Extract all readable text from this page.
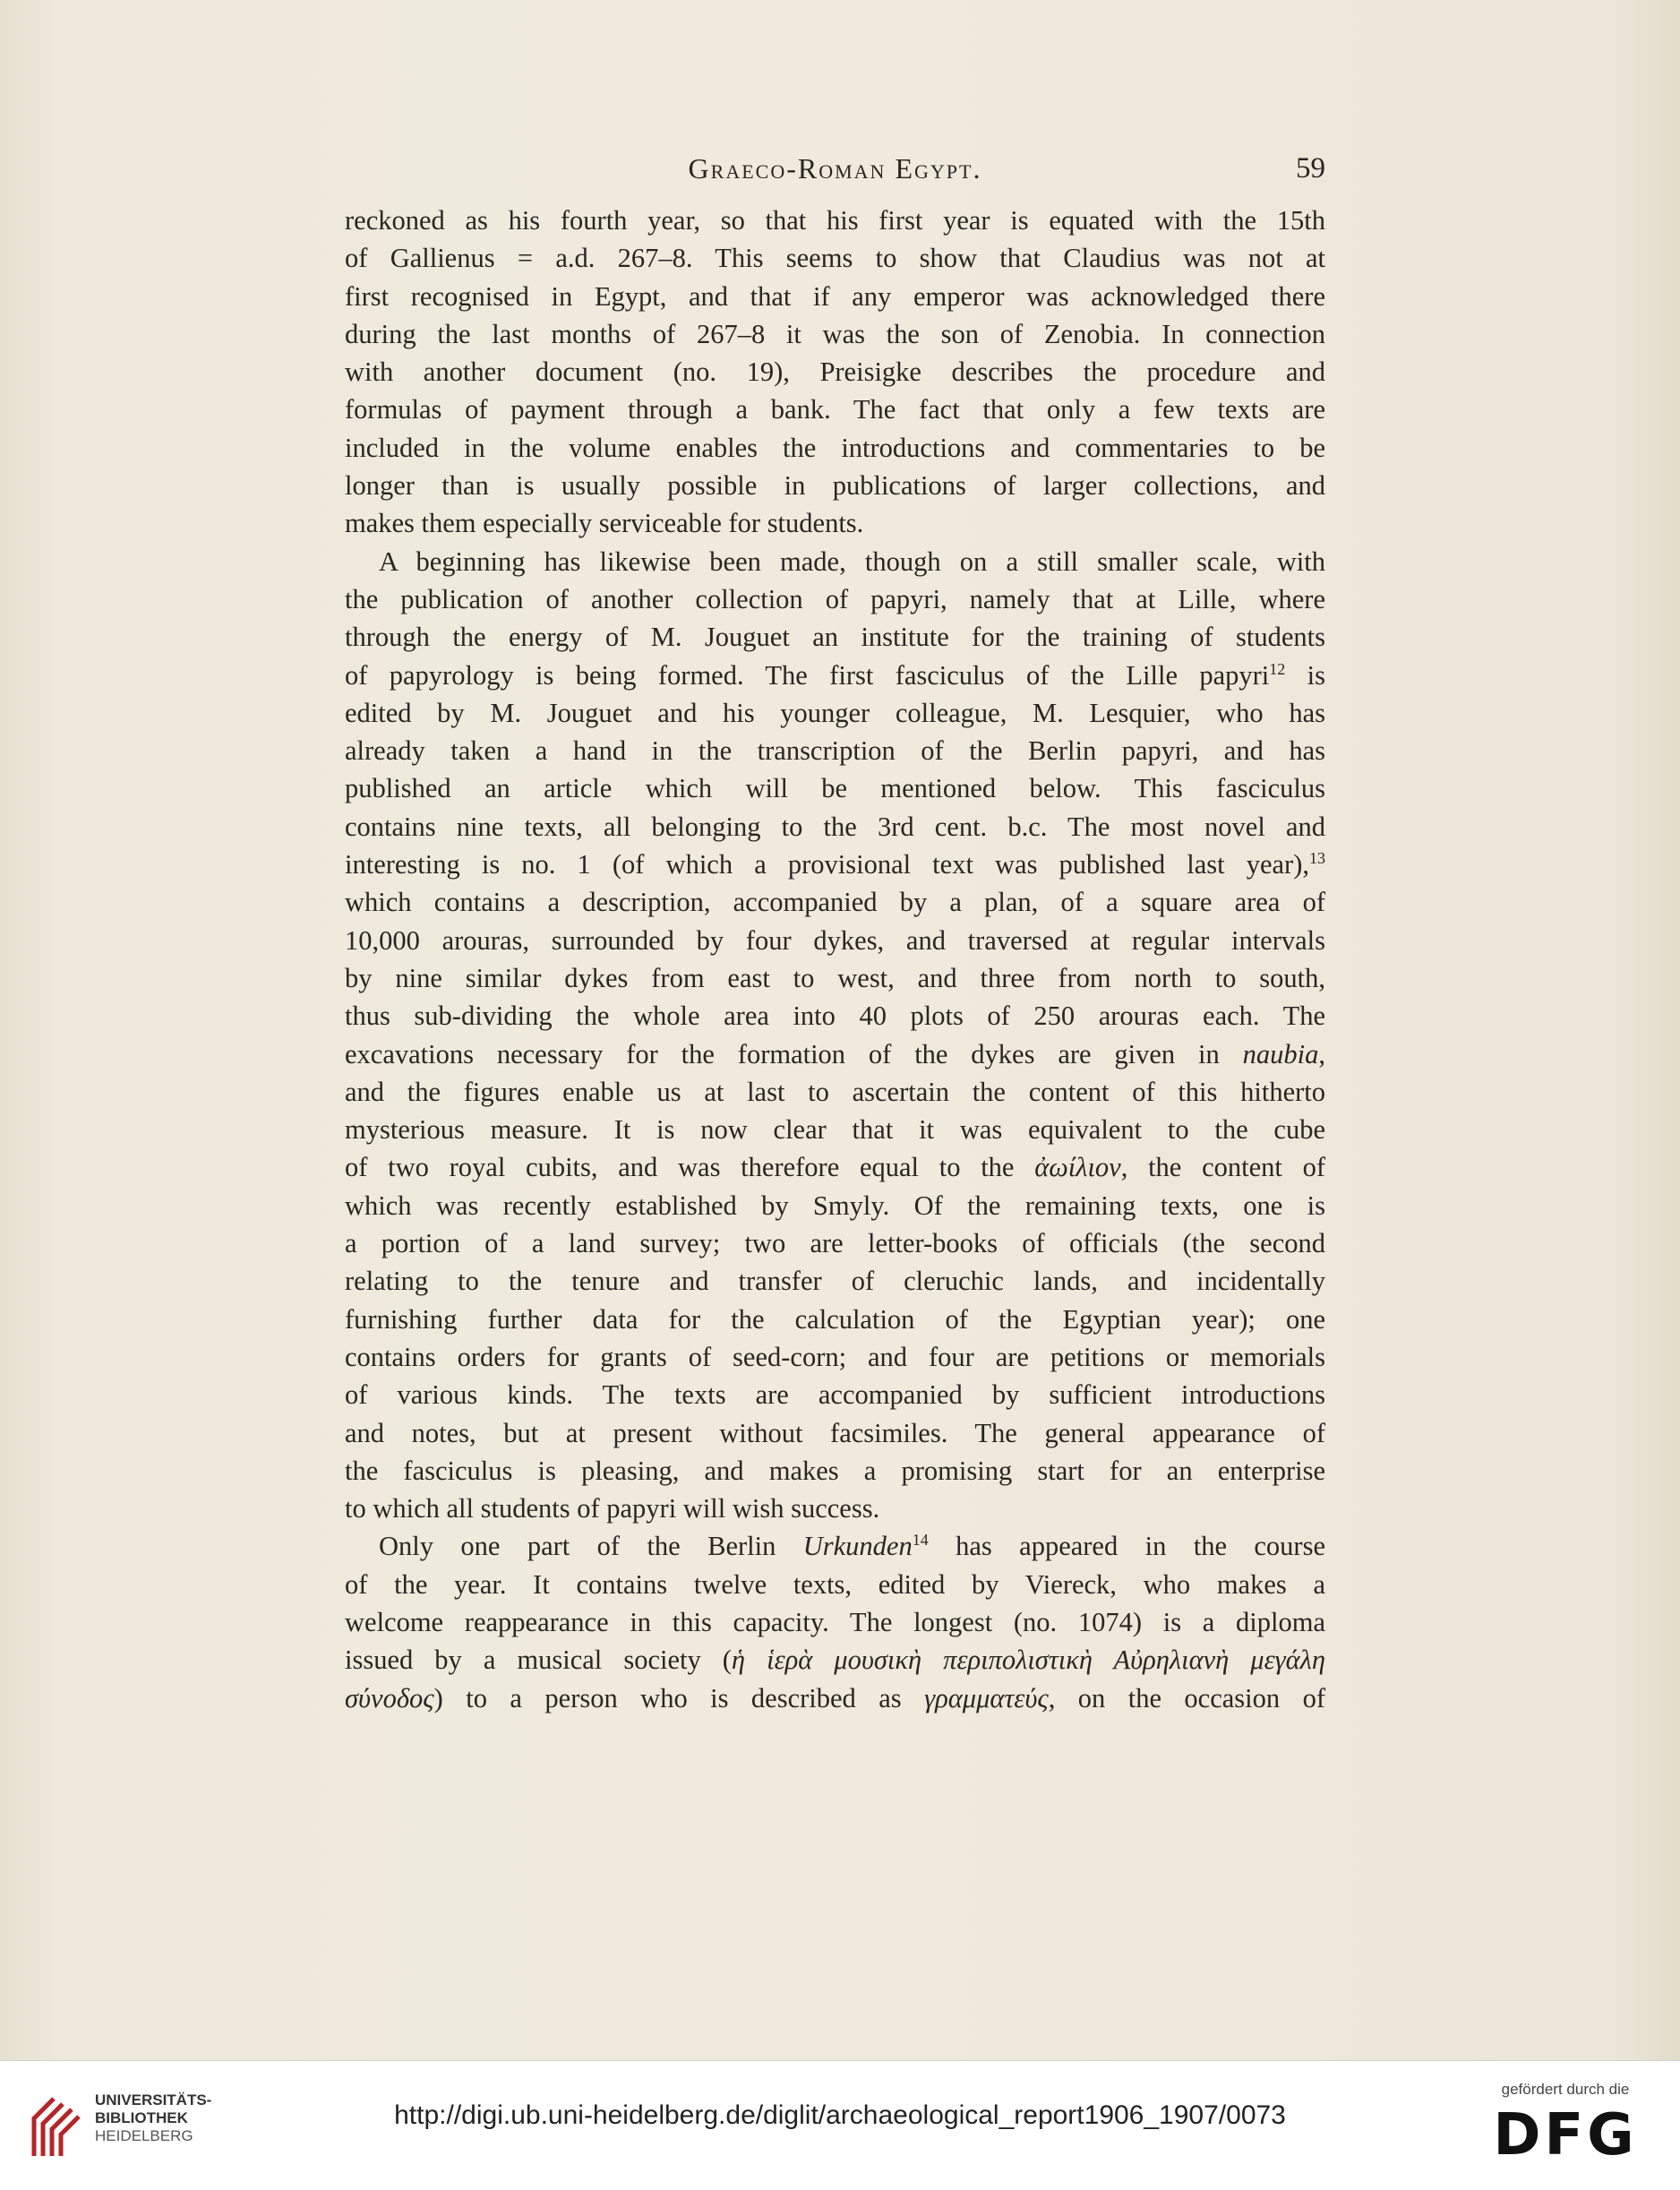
Graeco-Roman Egypt.	59
reckoned as his fourth year, so that his first year is equated with the 15th
of Gallienus = a.d. 267–8. This seems to show that Claudius was not at
first recognised in Egypt, and that if any emperor was acknowledged there
during the last months of 267–8 it was the son of Zenobia. In connection
with another document (no. 19), Preisigke describes the procedure and
formulas of payment through a bank. The fact that only a few texts are
included in the volume enables the introductions and commentaries to be
longer than is usually possible in publications of larger collections, and
makes them especially serviceable for students.
A beginning has likewise been made, though on a still smaller scale, with
the publication of another collection of papyri, namely that at Lille, where
through the energy of M. Jouguet an institute for the training of students
of papyrology is being formed. The first fasciculus of the Lille papyri$^{12}$ is
edited by M. Jouguet and his younger colleague, M. Lesquier, who has
already taken a hand in the transcription of the Berlin papyri, and has
published an article which will be mentioned below. This fasciculus
contains nine texts, all belonging to the 3rd cent. b.c. The most novel and
interesting is no. 1 (of which a provisional text was published last year),$^{13}$
which contains a description, accompanied by a plan, of a square area of
10,000 arouras, surrounded by four dykes, and traversed at regular intervals
by nine similar dykes from east to west, and three from north to south,
thus sub-dividing the whole area into 40 plots of 250 arouras each. The
excavations necessary for the formation of the dykes are given in naubia,
and the figures enable us at last to ascertain the content of this hitherto
mysterious measure. It is now clear that it was equivalent to the cube
of two royal cubits, and was therefore equal to the ἀωίλιον, the content of
which was recently established by Smyly. Of the remaining texts, one is
a portion of a land survey; two are letter-books of officials (the second
relating to the tenure and transfer of cleruchic lands, and incidentally
furnishing further data for the calculation of the Egyptian year); one
contains orders for grants of seed-corn; and four are petitions or memorials
of various kinds. The texts are accompanied by sufficient introductions
and notes, but at present without facsimiles. The general appearance of
the fasciculus is pleasing, and makes a promising start for an enterprise
to which all students of papyri will wish success.
Only one part of the Berlin Urkunden$^{14}$ has appeared in the course
of the year. It contains twelve texts, edited by Viereck, who makes a
welcome reappearance in this capacity. The longest (no. 1074) is a diploma
issued by a musical society (ἡ ἱερὰ μουσικὴ περιπολιστικὴ Αὐρηλιανὴ μεγάλη
σύνοδος) to a person who is described as γραμματεύς, on the occasion of
UNIVERSITÄTS-
BIBLIOTHEK
HEIDELBERG
http://digi.ub.uni-heidelberg.de/diglit/archaeological_report1906_1907/0073
gefördert durch die
DFG
